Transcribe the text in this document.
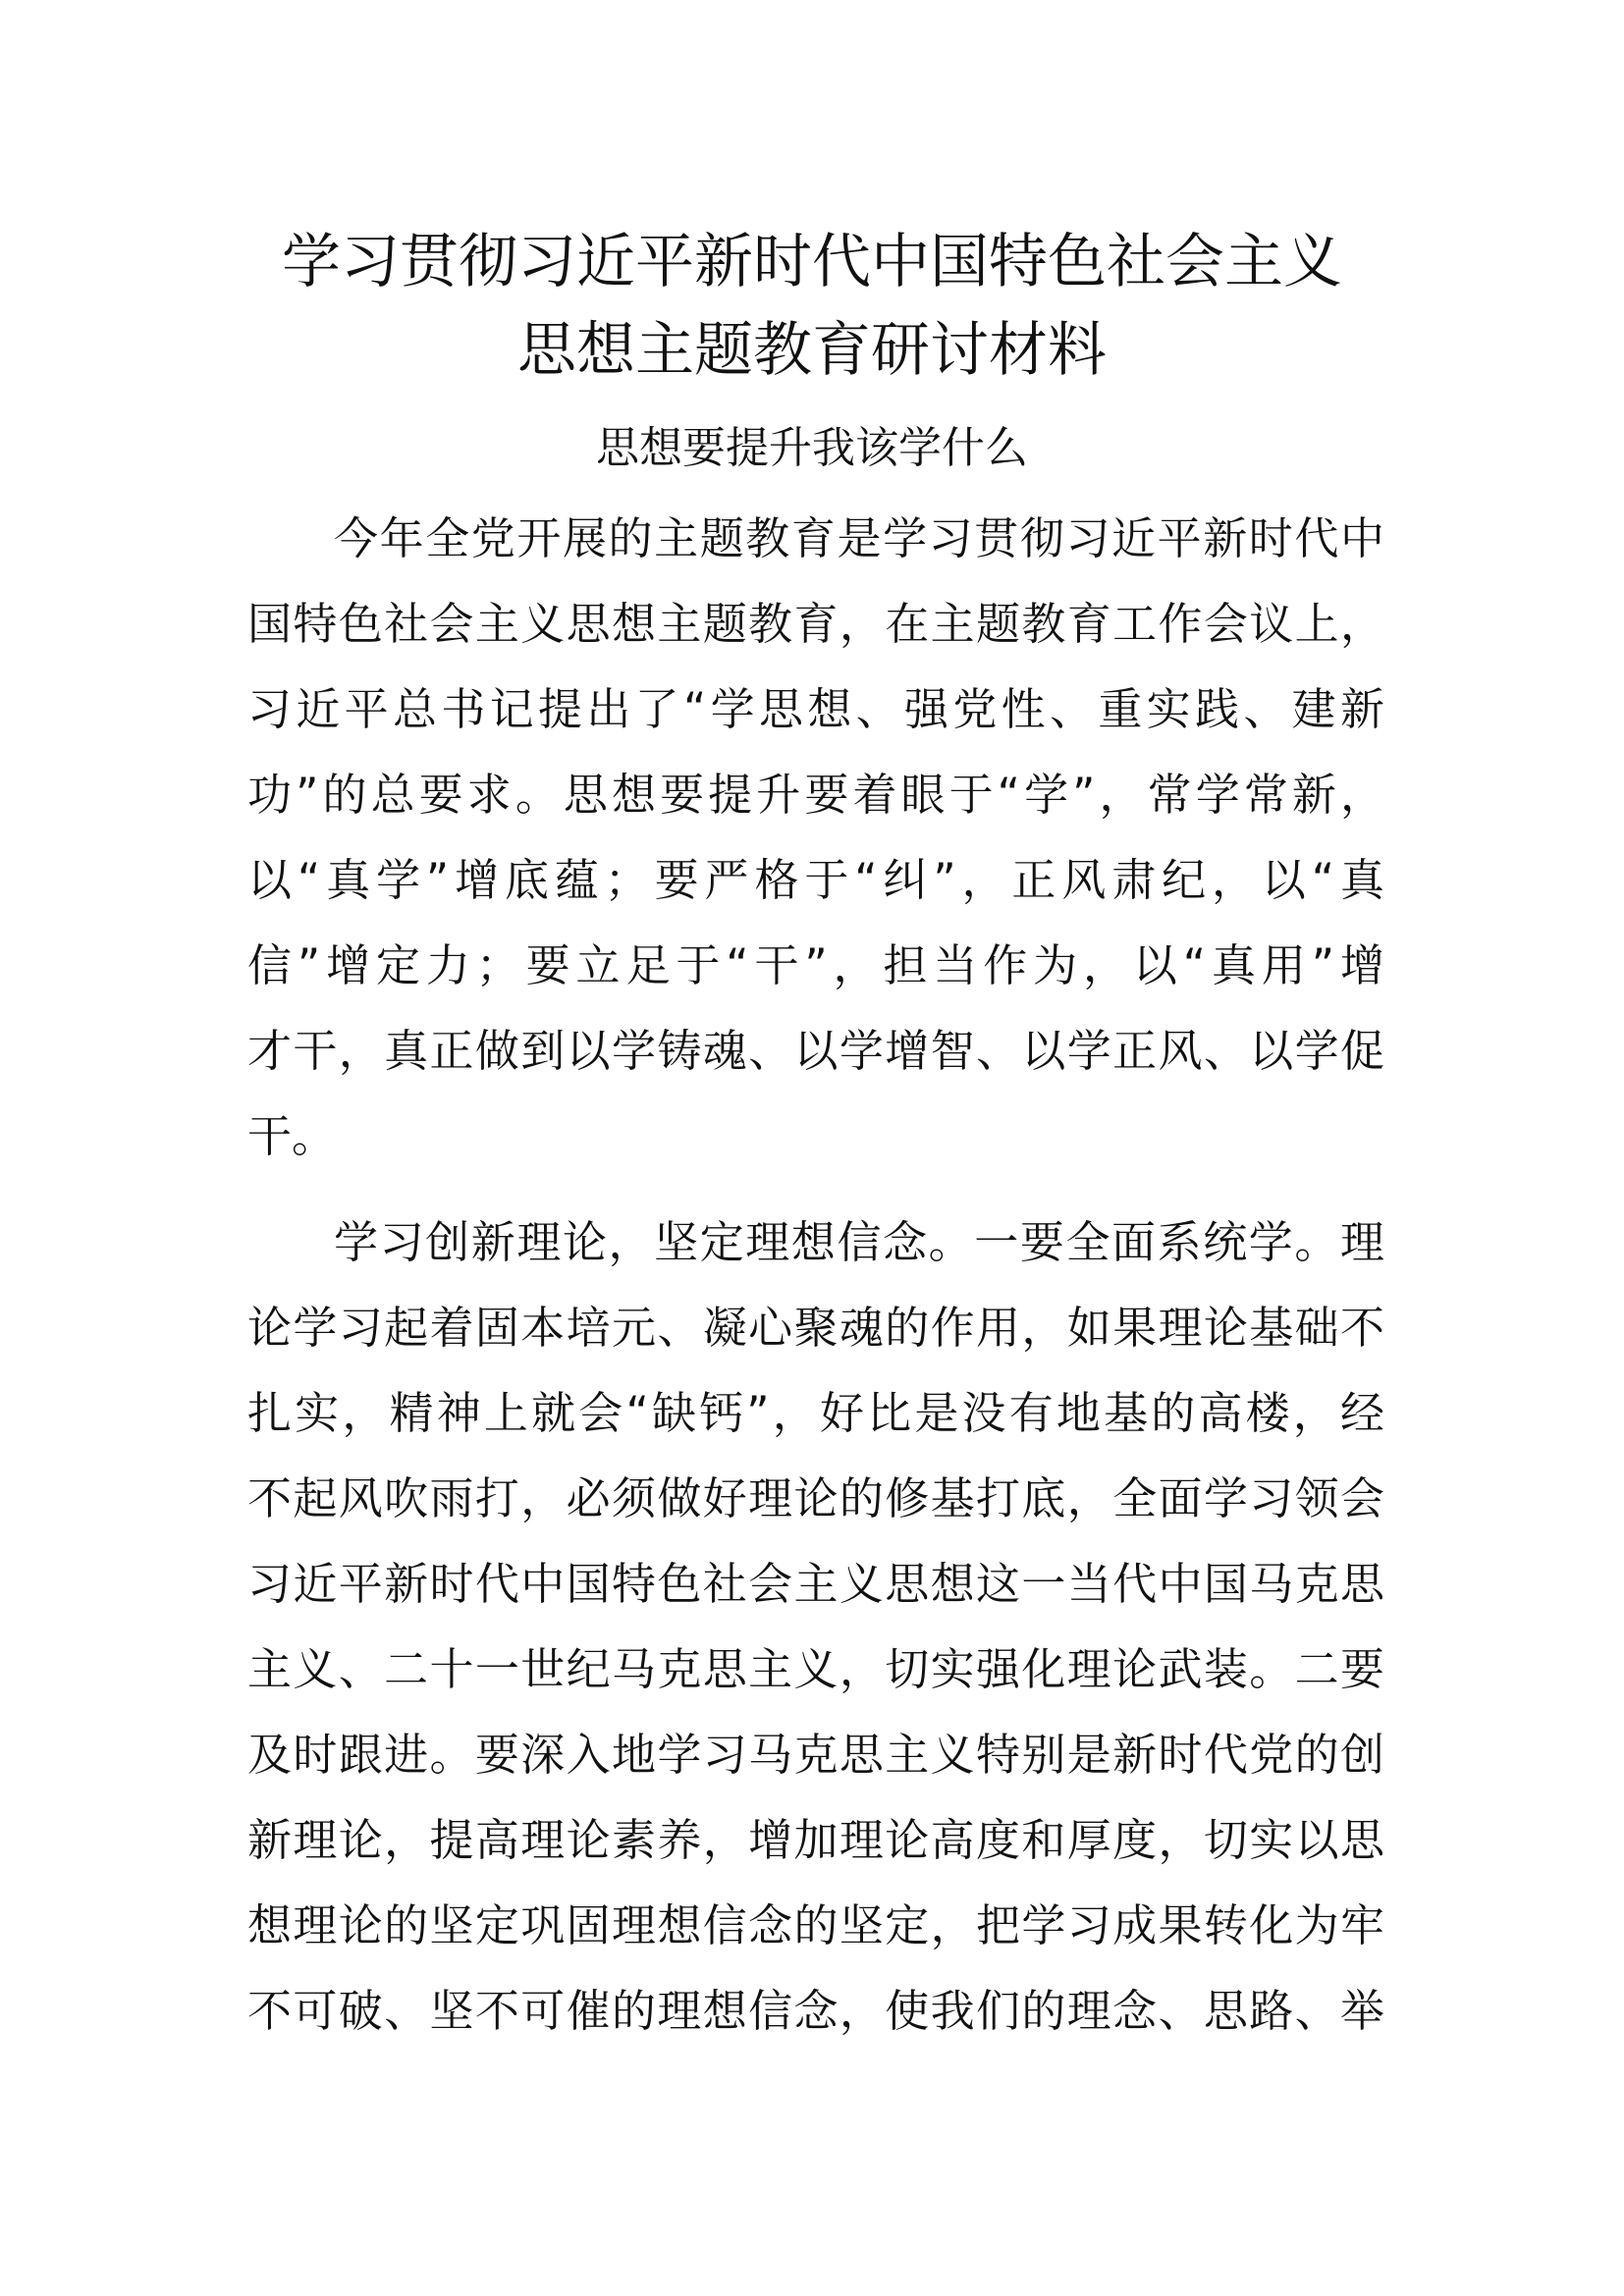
学习贯彻习近平新时代中国特色社会主义
思想主题教育研讨材料
思想要提升我该学什么
今年全党开展的主题教育是学习贯彻习近平新时代中
国特色社会主义思想主题教育，在主题教育工作会议上，
习近平总书记提出了“学思想、强党性、重实践、建新
功”的总要求。思想要提升要着眼于“学”，常学常新，
以“真学”增底蕴；要严格于“纠”，正风肃纪，以“真
信”增定力；要立足于“干”，担当作为，以“真用”增
才干，真正做到以学铸魂、以学增智、以学正风、以学促
干。
学习创新理论，坚定理想信念。一要全面系统学。理
论学习起着固本培元、凝心聚魂的作用，如果理论基础不
扎实，精神上就会“缺钙”，好比是没有地基的高楼，经
不起风吹雨打，必须做好理论的修基打底，全面学习领会
习近平新时代中国特色社会主义思想这一当代中国马克思
主义、二十一世纪马克思主义，切实强化理论武装。二要
及时跟进。要深入地学习马克思主义特别是新时代党的创
新理论，提高理论素养，增加理论高度和厚度，切实以思
想理论的坚定巩固理想信念的坚定，把学习成果转化为牢
不可破、坚不可催的理想信念，使我们的理念、思路、举
